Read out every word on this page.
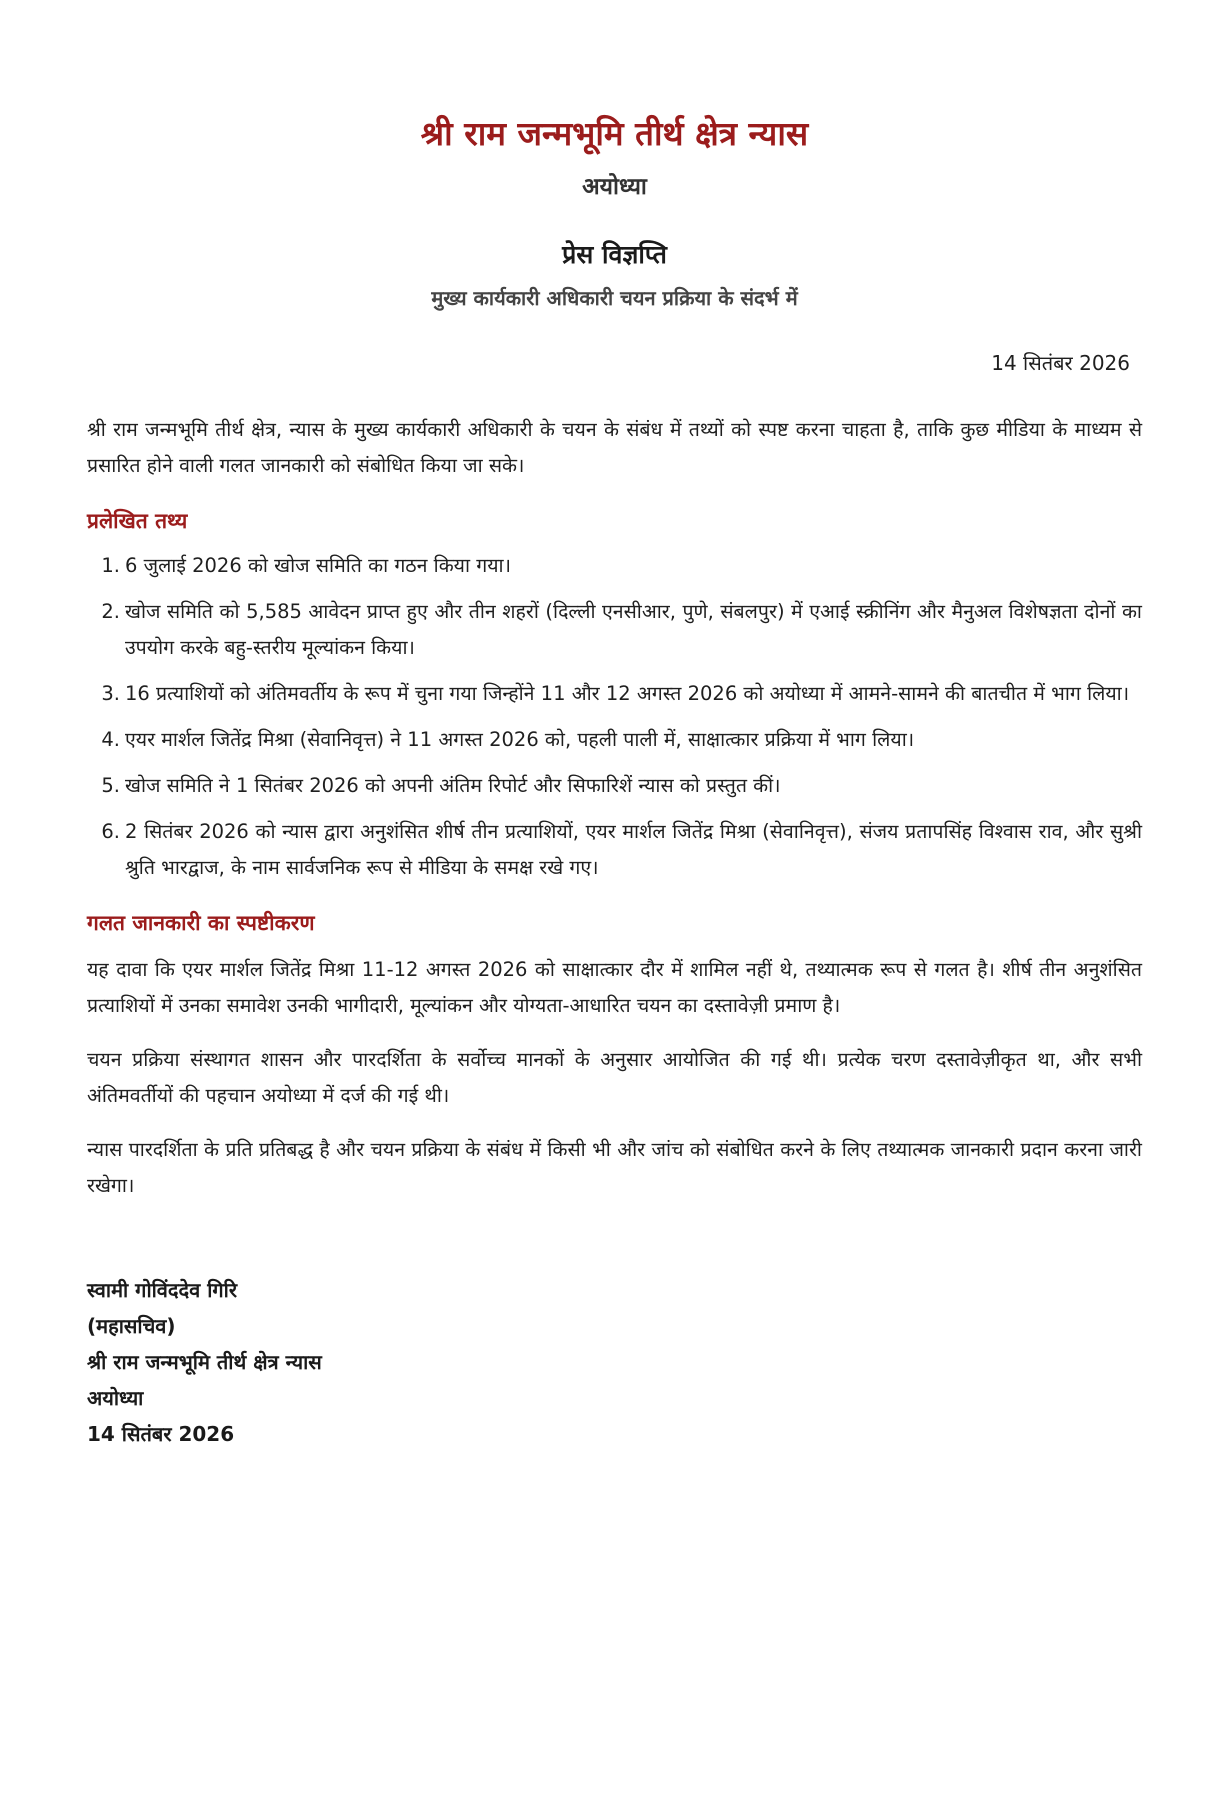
श्री राम जन्मभूमि तीर्थ क्षेत्र न्यास
अयोध्या
प्रेस विज्ञप्ति
मुख्य कार्यकारी अधिकारी चयन प्रक्रिया के संदर्भ में
14 सितंबर 2026

श्री राम जन्मभूमि तीर्थ क्षेत्र, न्यास के मुख्य कार्यकारी अधिकारी के चयन के संबंध में तथ्यों को स्पष्ट करना चाहता है, ताकि कुछ मीडिया के माध्यम से प्रसारित होने वाली गलत जानकारी को संबोधित किया जा सके।

प्रलेखित तथ्य
1. 6 जुलाई 2026 को खोज समिति का गठन किया गया।
2. खोज समिति को 5,585 आवेदन प्राप्त हुए और तीन शहरों (दिल्ली एनसीआर, पुणे, संबलपुर) में एआई स्क्रीनिंग और मैनुअल विशेषज्ञता दोनों का उपयोग करके बहु-स्तरीय मूल्यांकन किया।
3. 16 प्रत्याशियों को अंतिमवर्तीय के रूप में चुना गया जिन्होंने 11 और 12 अगस्त 2026 को अयोध्या में आमने-सामने की बातचीत में भाग लिया।
4. एयर मार्शल जितेंद्र मिश्रा (सेवानिवृत्त) ने 11 अगस्त 2026 को, पहली पाली में, साक्षात्कार प्रक्रिया में भाग लिया।
5. खोज समिति ने 1 सितंबर 2026 को अपनी अंतिम रिपोर्ट और सिफारिशें न्यास को प्रस्तुत कीं।
6. 2 सितंबर 2026 को न्यास द्वारा अनुशंसित शीर्ष तीन प्रत्याशियों, एयर मार्शल जितेंद्र मिश्रा (सेवानिवृत्त), संजय प्रतापसिंह विश्वास राव, और सुश्री श्रुति भारद्वाज, के नाम सार्वजनिक रूप से मीडिया के समक्ष रखे गए।
गलत जानकारी का स्पष्टीकरण

यह दावा कि एयर मार्शल जितेंद्र मिश्रा 11-12 अगस्त 2026 को साक्षात्कार दौर में शामिल नहीं थे, तथ्यात्मक रूप से गलत है। शीर्ष तीन अनुशंसित प्रत्याशियों में उनका समावेश उनकी भागीदारी, मूल्यांकन और योग्यता-आधारित चयन का दस्तावेज़ी प्रमाण है।

चयन प्रक्रिया संस्थागत शासन और पारदर्शिता के सर्वोच्च मानकों के अनुसार आयोजित की गई थी। प्रत्येक चरण दस्तावेज़ीकृत था, और सभी अंतिमवर्तीयों की पहचान अयोध्या में दर्ज की गई थी।

न्यास पारदर्शिता के प्रति प्रतिबद्ध है और चयन प्रक्रिया के संबंध में किसी भी और जांच को संबोधित करने के लिए तथ्यात्मक जानकारी प्रदान करना जारी रखेगा।

स्वामी गोविंददेव गिरि
(महासचिव)
श्री राम जन्मभूमि तीर्थ क्षेत्र न्यास
अयोध्या
14 सितंबर 2026
